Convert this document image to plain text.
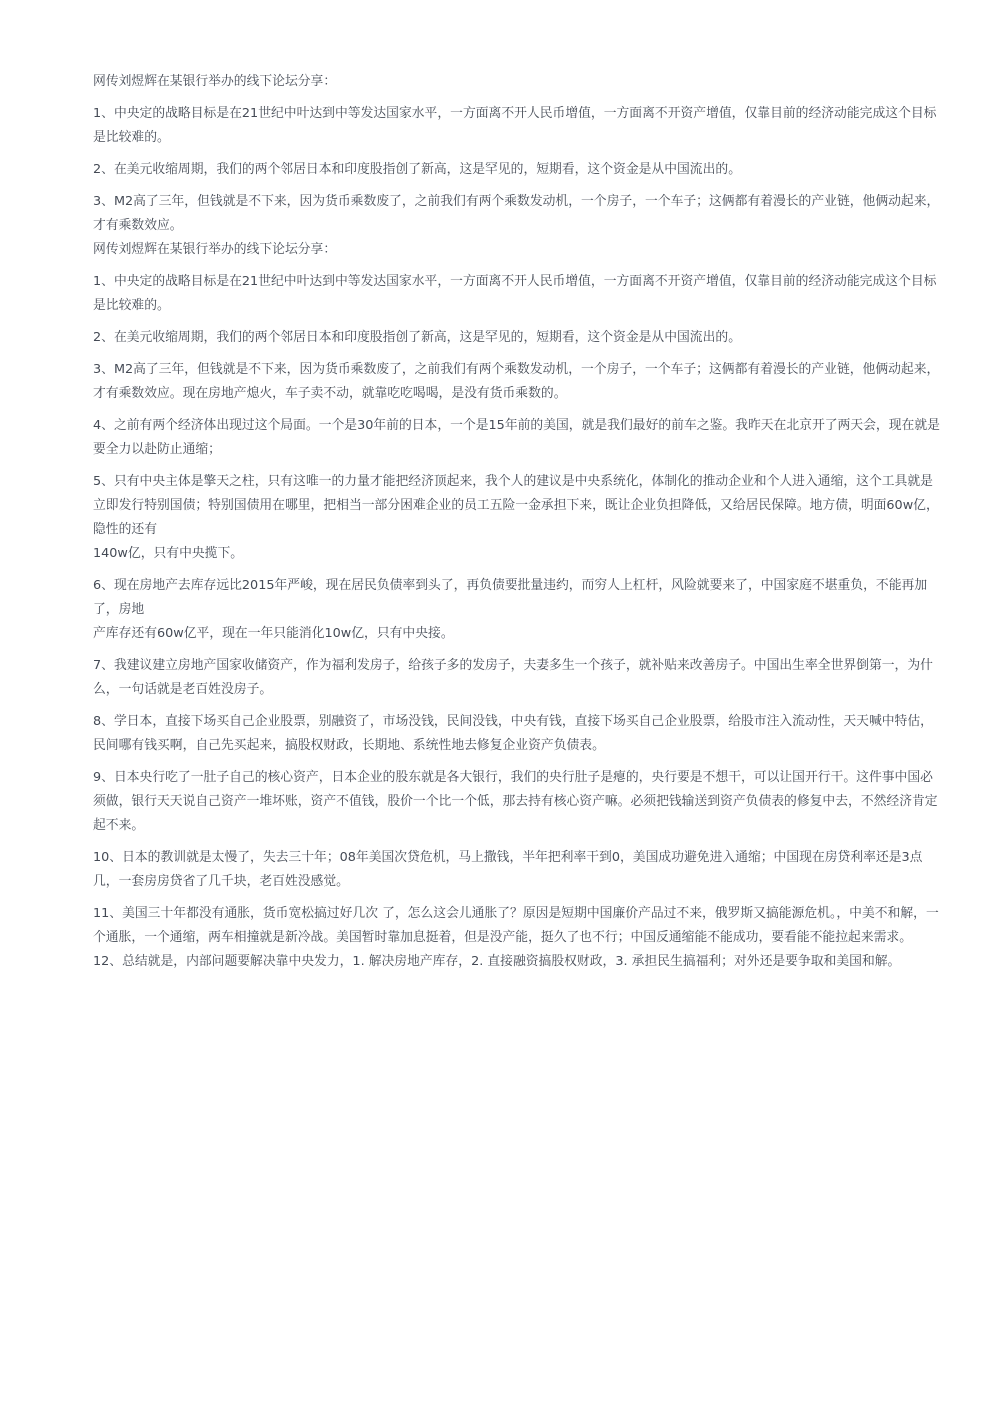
网传刘煜辉在某银行举办的线下论坛分享：

1、中央定的战略目标是在21世纪中叶达到中等发达国家水平，一方面离不开人民币增值，一方面离不开资产增值，仅靠目前的经济动能完成这个目标是比较难的。

2、在美元收缩周期，我们的两个邻居日本和印度股指创了新高，这是罕见的，短期看，这个资金是从中国流出的。

3、M2高了三年，但钱就是不下来，因为货币乘数废了，之前我们有两个乘数发动机，一个房子，一个车子；这俩都有着漫长的产业链，他俩动起来，才有乘数效应。

网传刘煜辉在某银行举办的线下论坛分享：

1、中央定的战略目标是在21世纪中叶达到中等发达国家水平，一方面离不开人民币增值，一方面离不开资产增值，仅靠目前的经济动能完成这个目标是比较难的。

2、在美元收缩周期，我们的两个邻居日本和印度股指创了新高，这是罕见的，短期看，这个资金是从中国流出的。

3、M2高了三年，但钱就是不下来，因为货币乘数废了，之前我们有两个乘数发动机，一个房子，一个车子；这俩都有着漫长的产业链，他俩动起来，才有乘数效应。现在房地产熄火，车子卖不动，就靠吃吃喝喝，是没有货币乘数的。

4、之前有两个经济体出现过这个局面。一个是30年前的日本，一个是15年前的美国，就是我们最好的前车之鉴。我昨天在北京开了两天会，现在就是要全力以赴防止通缩；

5、只有中央主体是擎天之柱，只有这唯一的力量才能把经济顶起来，我个人的建议是中央系统化，体制化的推动企业和个人进入通缩，这个工具就是立即发行特别国债；特别国债用在哪里，把相当一部分困难企业的员工五险一金承担下来，既让企业负担降低，又给居民保障。地方债，明面60w亿，隐性的还有
140w亿，只有中央揽下。

6、现在房地产去库存远比2015年严峻，现在居民负债率到头了，再负债要批量违约，而穷人上杠杆，风险就要来了，中国家庭不堪重负，不能再加了，房地
产库存还有60w亿平，现在一年只能消化10w亿，只有中央接。

7、我建议建立房地产国家收储资产，作为福利发房子，给孩子多的发房子，夫妻多生一个孩子，就补贴来改善房子。中国出生率全世界倒第一，为什么，一句话就是老百姓没房子。

8、学日本，直接下场买自己企业股票，别融资了，市场没钱，民间没钱，中央有钱，直接下场买自己企业股票，给股市注入流动性，天天喊中特估，民间哪有钱买啊，自己先买起来，搞股权财政，长期地、系统性地去修复企业资产负债表。

9、日本央行吃了一肚子自己的核心资产，日本企业的股东就是各大银行，我们的央行肚子是瘪的，央行要是不想干，可以让国开行干。这件事中国必须做，银行天天说自己资产一堆坏账，资产不值钱，股价一个比一个低，那去持有核心资产嘛。必须把钱输送到资产负债表的修复中去，不然经济肯定起不来。

10、日本的教训就是太慢了，失去三十年；08年美国次贷危机，马上撒钱，半年把利率干到0，美国成功避免进入通缩；中国现在房贷利率还是3点几，一套房房贷省了几千块，老百姓没感觉。

11、美国三十年都没有通胀，货币宽松搞过好几次 了，怎么这会儿通胀了？原因是短期中国廉价产品过不来，俄罗斯又搞能源危机。，中美不和解，一个通胀，一个通缩，两车相撞就是新冷战。美国暂时靠加息挺着，但是没产能，挺久了也不行；中国反通缩能不能成功，要看能不能拉起来需求。

12、总结就是，内部问题要解决靠中央发力，1. 解决房地产库存，2. 直接融资搞股权财政，3. 承担民生搞福利；对外还是要争取和美国和解。
